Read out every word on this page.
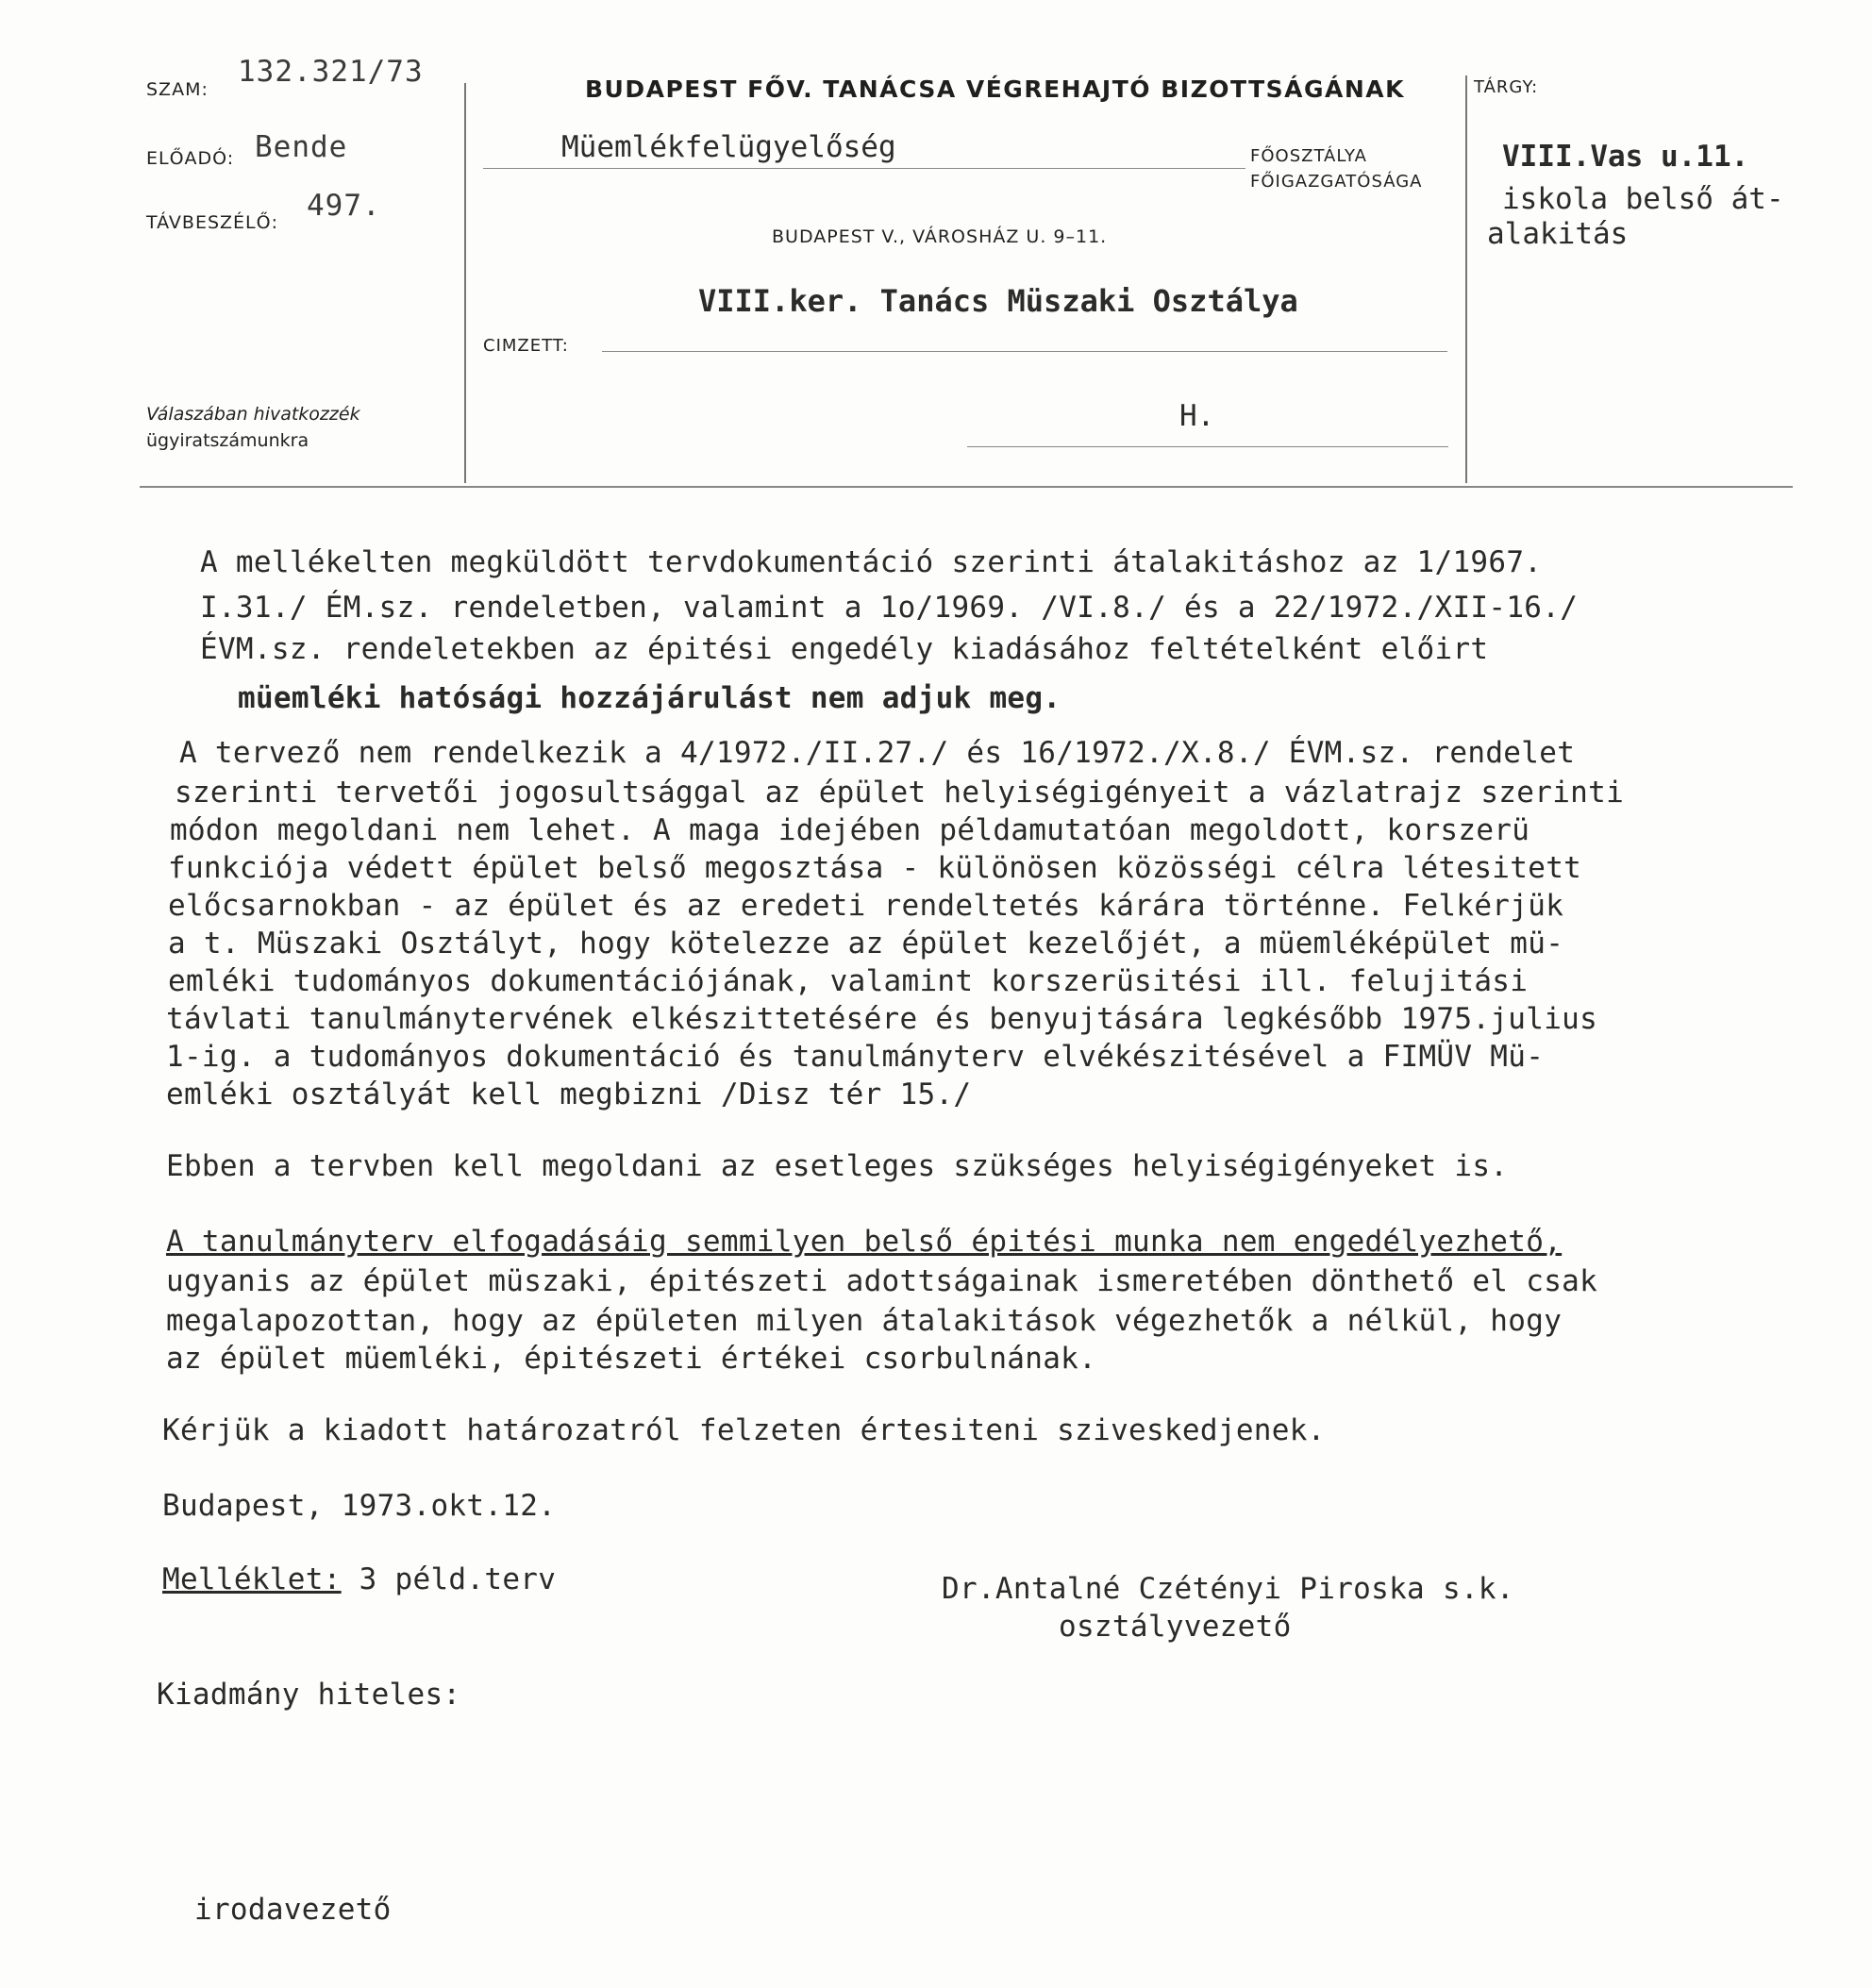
SZAM:
132.321/73
ELŐADÓ: Bende
497.
TÁVBESZÉLŐ:
Válaszában hivatkozzék
ügyiratszámunkra
BUDAPEST FŐV. TANÁCSA VÉGREHAJTÓ BIZOTTSÁGÁNAK
Müemlékfelügyelőség	FŐOSZTÁLYA
FŐIGAZGATÓSÁGA
BUDAPEST V., VÁROSHÁZ U. 9–11.
VIII.ker. Tanács Müszaki Osztálya
CIMZETT:
H.
TÁRGY:
VIII.Vas u.11.
iskola belső át-
alakitás
A mellékelten megküldött tervdokumentáció szerinti átalakitáshoz az 1/1967.
I.31./ ÉM.sz. rendeletben, valamint a 1o/1969. /VI.8./ és a 22/1972./XII-16./
ÉVM.sz. rendeletekben az épitési engedély kiadásához feltételként előirt
müemléki hatósági hozzájárulást nem adjuk meg.
A tervező nem rendelkezik a 4/1972./II.27./ és 16/1972./X.8./ ÉVM.sz. rendelet
szerinti tervetői jogosultsággal az épület helyiségigényeit a vázlatrajz szerinti
módon megoldani nem lehet. A maga idejében példamutatóan megoldott, korszerü
funkciója védett épület belső megosztása - különösen közösségi célra létesitett
előcsarnokban - az épület és az eredeti rendeltetés kárára történne. Felkérjük
a t. Müszaki Osztályt, hogy kötelezze az épület kezelőjét, a müemléképület mü-
emléki tudományos dokumentációjának, valamint korszerüsitési ill. felujitási
távlati tanulmánytervének elkészittetésére és benyujtására legkésőbb 1975.julius
1-ig. a tudományos dokumentáció és tanulmányterv elvékészitésével a FIMÜV Mü-
emléki osztályát kell megbizni /Disz tér 15./
Ebben a tervben kell megoldani az esetleges szükséges helyiségigényeket is.
A tanulmányterv elfogadásáig semmilyen belső épitési munka nem engedélyezhető,
ugyanis az épület müszaki, épitészeti adottságainak ismeretében dönthető el csak
megalapozottan, hogy az épületen milyen átalakitások végezhetők a nélkül, hogy
az épület müemléki, épitészeti értékei csorbulnának.
Kérjük a kiadott határozatról felzeten értesiteni sziveskedjenek.
Budapest, 1973.okt.12.
Melléklet: 3 péld.terv	Dr.Antalné Czétényi Piroska s.k.
osztályvezető
Kiadmány hiteles:
irodavezető
